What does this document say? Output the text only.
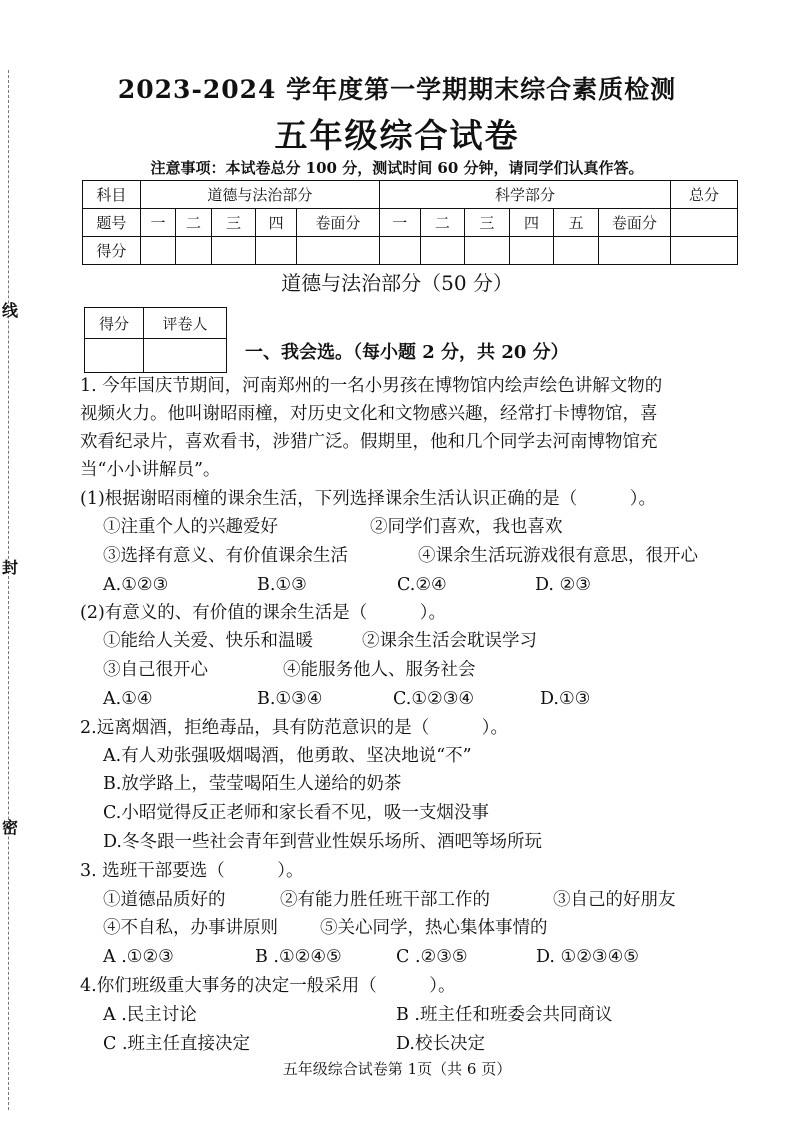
线
封
密
2023-2024 学年度第一学期期末综合素质检测
五年级综合试卷
注意事项：本试卷总分 100 分，测试时间 60 分钟，请同学们认真作答。
科目	道德与法治部分					科学部分						总分
题号	一	二	三	四	卷面分	一	二	三	四	五	卷面分	
得分												
道德与法治部分（50 分）
得分	评卷人

一、我会选。（每小题 2 分，共 20 分）
1. 今年国庆节期间，河南郑州的一名小男孩在博物馆内绘声绘色讲解文物的
视频火力。他叫谢昭雨橦，对历史文化和文物感兴趣，经常打卡博物馆，喜
欢看纪录片，喜欢看书，涉猎广泛。假期里，他和几个同学去河南博物馆充
当“小小讲解员”。
(1)根据谢昭雨橦的课余生活，下列选择课余生活认识正确的是（　　　）。
①注重个人的兴趣爱好	②同学们喜欢，我也喜欢
③选择有意义、有价值课余生活	④课余生活玩游戏很有意思，很开心
A.①②③	B.①③	C.②④	D. ②③
(2)有意义的、有价值的课余生活是（　　　）。
①能给人关爱、快乐和温暖	②课余生活会耽误学习
③自己很开心	④能服务他人、服务社会
A.①④	B.①③④	C.①②③④	D.①③
2.远离烟酒，拒绝毒品，具有防范意识的是（　　　）。
A.有人劝张强吸烟喝酒，他勇敢、坚决地说“不”
B.放学路上，莹莹喝陌生人递给的奶茶
C.小昭觉得反正老师和家长看不见，吸一支烟没事
D.冬冬跟一些社会青年到营业性娱乐场所、酒吧等场所玩
3. 选班干部要选（　　　）。
①道德品质好的	②有能力胜任班干部工作的	③自己的好朋友
④不自私，办事讲原则 ⑤关心同学，热心集体事情的
A .①②③	B .①②④⑤	C .②③⑤	D. ①②③④⑤
4.你们班级重大事务的决定一般采用（　　　）。
A .民主讨论	B .班主任和班委会共同商议
C .班主任直接决定	D.校长决定
五年级综合试卷第 1页（共 6 页）
